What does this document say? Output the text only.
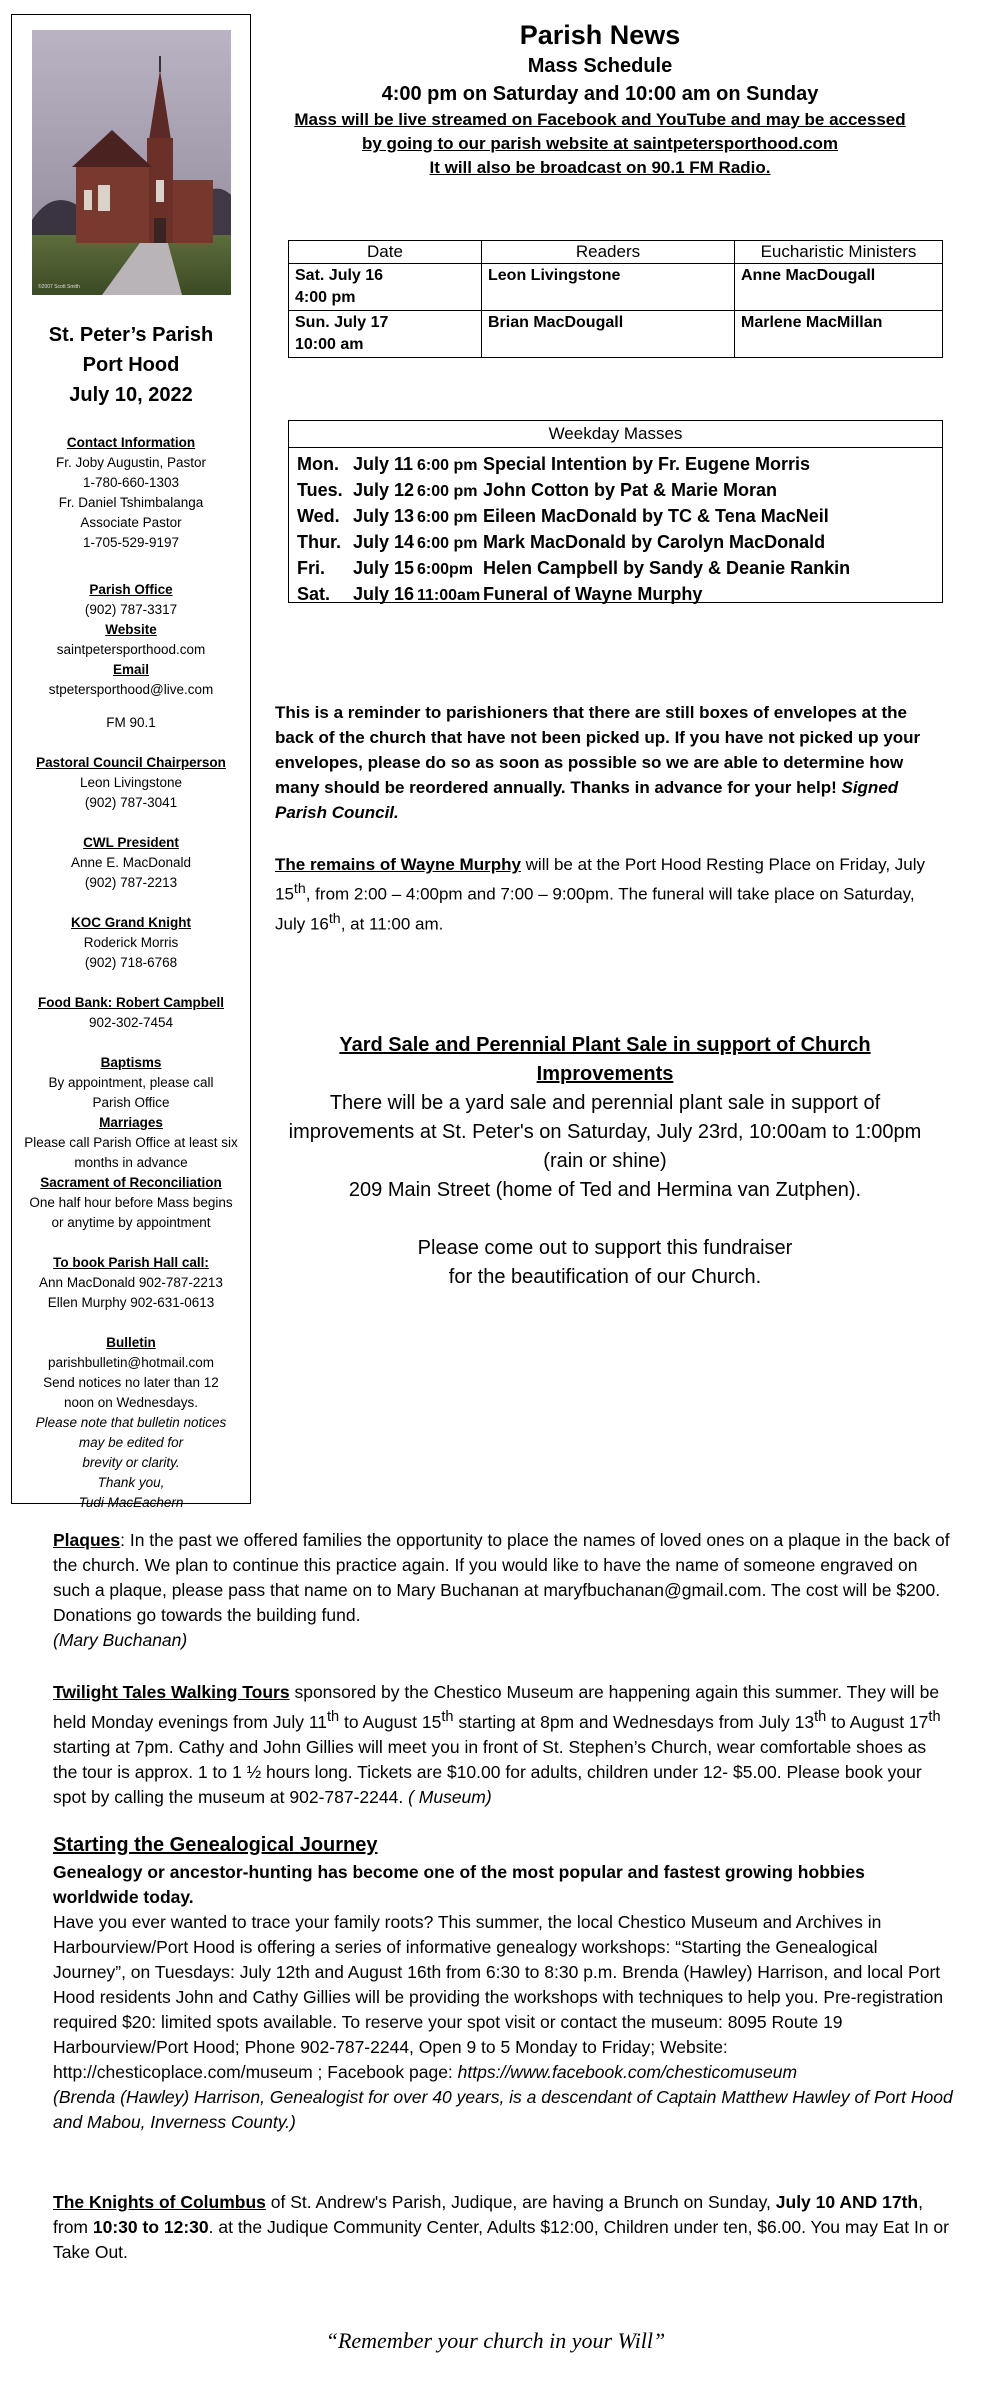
©2007 Scott Smith
St. Peter’s Parish
Port Hood
July 10, 2022
Contact Information
Fr. Joby Augustin, Pastor
1-780-660-1303
Fr. Daniel Tshimbalanga
Associate Pastor
1-705-529-9197
Parish Office
(902) 787-3317
Website
saintpetersporthood.com
Email
stpetersporthood@live.com
FM 90.1
Pastoral Council Chairperson
Leon Livingstone
(902) 787-3041
CWL President
Anne E. MacDonald
(902) 787-2213
KOC Grand Knight
Roderick Morris
(902) 718-6768
Food Bank: Robert Campbell
902-302-7454
Baptisms
By appointment, please call
Parish Office
Marriages
Please call Parish Office at least six
months in advance
Sacrament of Reconciliation
One half hour before Mass begins
or anytime by appointment
To book Parish Hall call:
Ann MacDonald 902-787-2213
Ellen Murphy 902-631-0613
Bulletin
parishbulletin@hotmail.com
Send notices no later than 12
noon on Wednesdays.
Please note that bulletin notices
may be edited for
brevity or clarity.
Thank you,
Tudi MacEachern
Parish News
Mass Schedule
4:00 pm on Saturday and 10:00 am on Sunday
Mass will be live streamed on Facebook and YouTube and may be accessed
by going to our parish website at saintpetersporthood.com
It will also be broadcast on 90.1 FM Radio.
Date	Readers	Eucharistic Ministers

Sat. July 16
4:00 pm	Leon Livingstone	Anne MacDougall

Sun. July 17
10:00 am	Brian MacDougall	Marlene MacMillan
Weekday Masses
Mon. July 11 6:00 pm Special Intention by Fr. Eugene Morris
Tues. July 12 6:00 pm John Cotton by Pat & Marie Moran
Wed. July 13 6:00 pm Eileen MacDonald by TC & Tena MacNeil
Thur. July 14 6:00 pm Mark MacDonald by Carolyn MacDonald
Fri. July 15 6:00pm Helen Campbell by Sandy & Deanie Rankin
Sat. July 16 11:00am Funeral of Wayne Murphy
This is a reminder to parishioners that there are still boxes of envelopes at the back of the church that have not been picked up. If you have not picked up your envelopes, please do so as soon as possible so we are able to determine how many should be reordered annually. Thanks in advance for your help! Signed Parish Council.
The remains of Wayne Murphy will be at the Port Hood Resting Place on Friday, July 15th, from 2:00 – 4:00pm and 7:00 – 9:00pm. The funeral will take place on Saturday, July 16th, at 11:00 am.
Yard Sale and Perennial Plant Sale in support of Church Improvements
There will be a yard sale and perennial plant sale in support of improvements at St. Peter's on Saturday, July 23rd, 10:00am to 1:00pm (rain or shine)
209 Main Street (home of Ted and Hermina van Zutphen).
Please come out to support this fundraiser
for the beautification of our Church.

Plaques: In the past we offered families the opportunity to place the names of loved ones on a plaque in the back of the church. We plan to continue this practice again. If you would like to have the name of someone engraved on such a plaque, please pass that name on to Mary Buchanan at maryfbuchanan@gmail.com. The cost will be $200. Donations go towards the building fund.

(Mary Buchanan)

Twilight Tales Walking Tours sponsored by the Chestico Museum are happening again this summer. They will be held Monday evenings from July 11th to August 15th starting at 8pm and Wednesdays from July 13th to August 17th starting at 7pm. Cathy and John Gillies will meet you in front of St. Stephen’s Church, wear comfortable shoes as the tour is approx. 1 to 1 ½ hours long. Tickets are $10.00 for adults, children under 12- $5.00. Please book your spot by calling the museum at 902-787-2244. ( Museum)

Starting the Genealogical Journey

Genealogy or ancestor-hunting has become one of the most popular and fastest growing hobbies worldwide today.

Have you ever wanted to trace your family roots? This summer, the local Chestico Museum and Archives in Harbourview/Port Hood is offering a series of informative genealogy workshops: “Starting the Genealogical Journey”, on Tuesdays: July 12th and August 16th from 6:30 to 8:30 p.m. Brenda (Hawley) Harrison, and local Port Hood residents John and Cathy Gillies will be providing the workshops with techniques to help you. Pre-registration required $20: limited spots available. To reserve your spot visit or contact the museum: 8095 Route 19 Harbourview/Port Hood; Phone 902-787-2244, Open 9 to 5 Monday to Friday; Website: http://chesticoplace.com/museum ; Facebook page: https://www.facebook.com/chesticomuseum

(Brenda (Hawley) Harrison, Genealogist for over 40 years, is a descendant of Captain Matthew Hawley of Port Hood and Mabou, Inverness County.)

The Knights of Columbus of St. Andrew's Parish, Judique, are having a Brunch on Sunday, July 10 AND 17th, from 10:30 to 12:30. at the Judique Community Center, Adults $12:00, Children under ten, $6.00. You may Eat In or Take Out.

“Remember your church in your Will”
